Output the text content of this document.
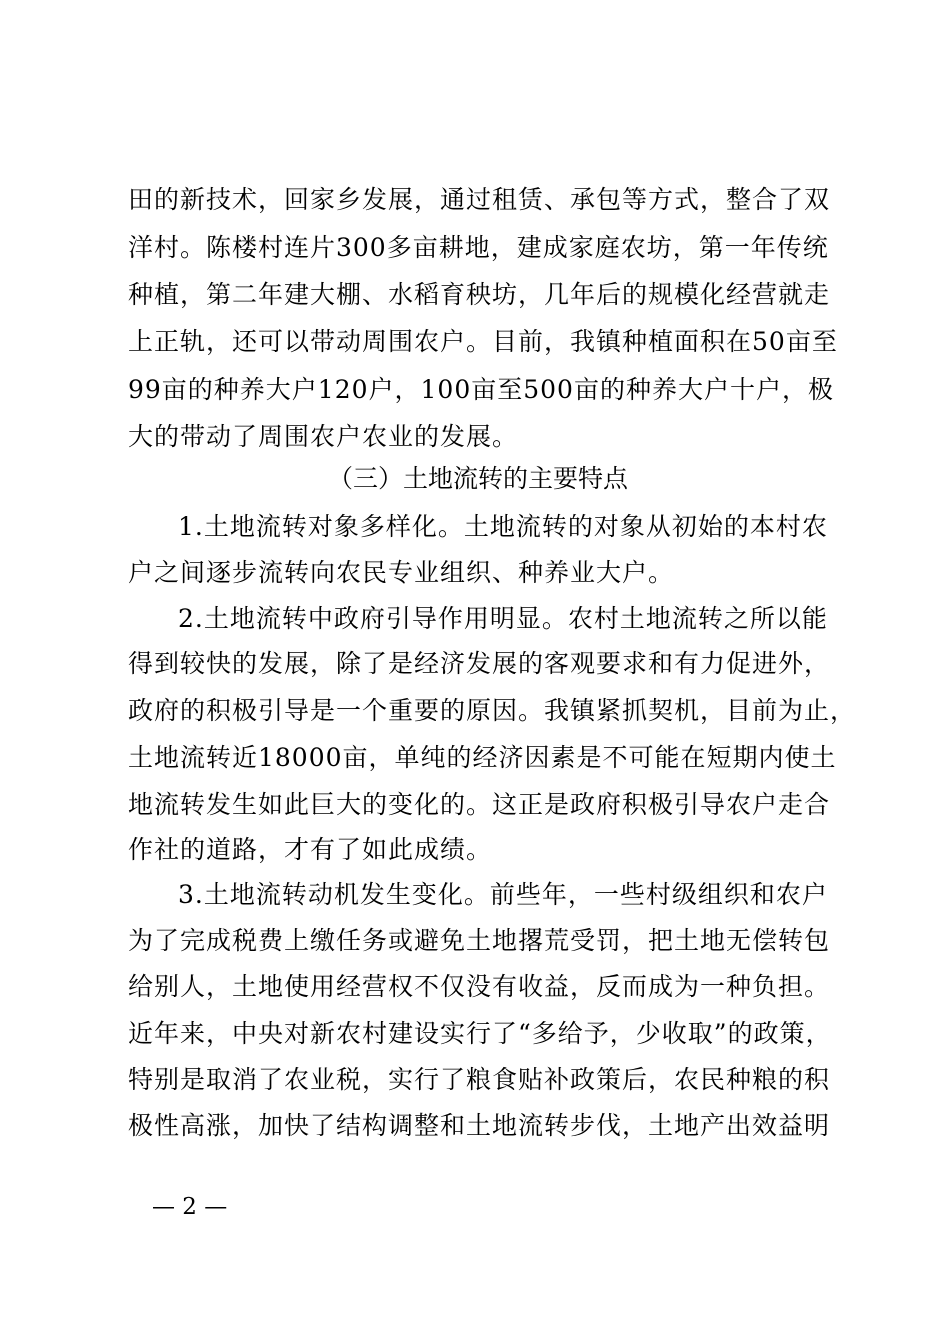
田的新技术，回家乡发展，通过租赁、承包等方式，整合了双
洋村。陈楼村连片300多亩耕地，建成家庭农坊，第一年传统
种植，第二年建大棚、水稻育秧坊，几年后的规模化经营就走
上正轨，还可以带动周围农户。目前，我镇种植面积在50亩至
99亩的种养大户120户，100亩至500亩的种养大户十户，极
大的带动了周围农户农业的发展。
（三）土地流转的主要特点
1.土地流转对象多样化。土地流转的对象从初始的本村农
户之间逐步流转向农民专业组织、种养业大户。
2.土地流转中政府引导作用明显。农村土地流转之所以能
得到较快的发展，除了是经济发展的客观要求和有力促进外，
政府的积极引导是一个重要的原因。我镇紧抓契机，目前为止，
土地流转近18000亩，单纯的经济因素是不可能在短期内使土
地流转发生如此巨大的变化的。这正是政府积极引导农户走合
作社的道路，才有了如此成绩。
3.土地流转动机发生变化。前些年，一些村级组织和农户
为了完成税费上缴任务或避免土地撂荒受罚，把土地无偿转包
给别人，土地使用经营权不仅没有收益，反而成为一种负担。
近年来，中央对新农村建设实行了“多给予，少收取”的政策，
特别是取消了农业税，实行了粮食贴补政策后，农民种粮的积
极性高涨，加快了结构调整和土地流转步伐，土地产出效益明
— 2 —
